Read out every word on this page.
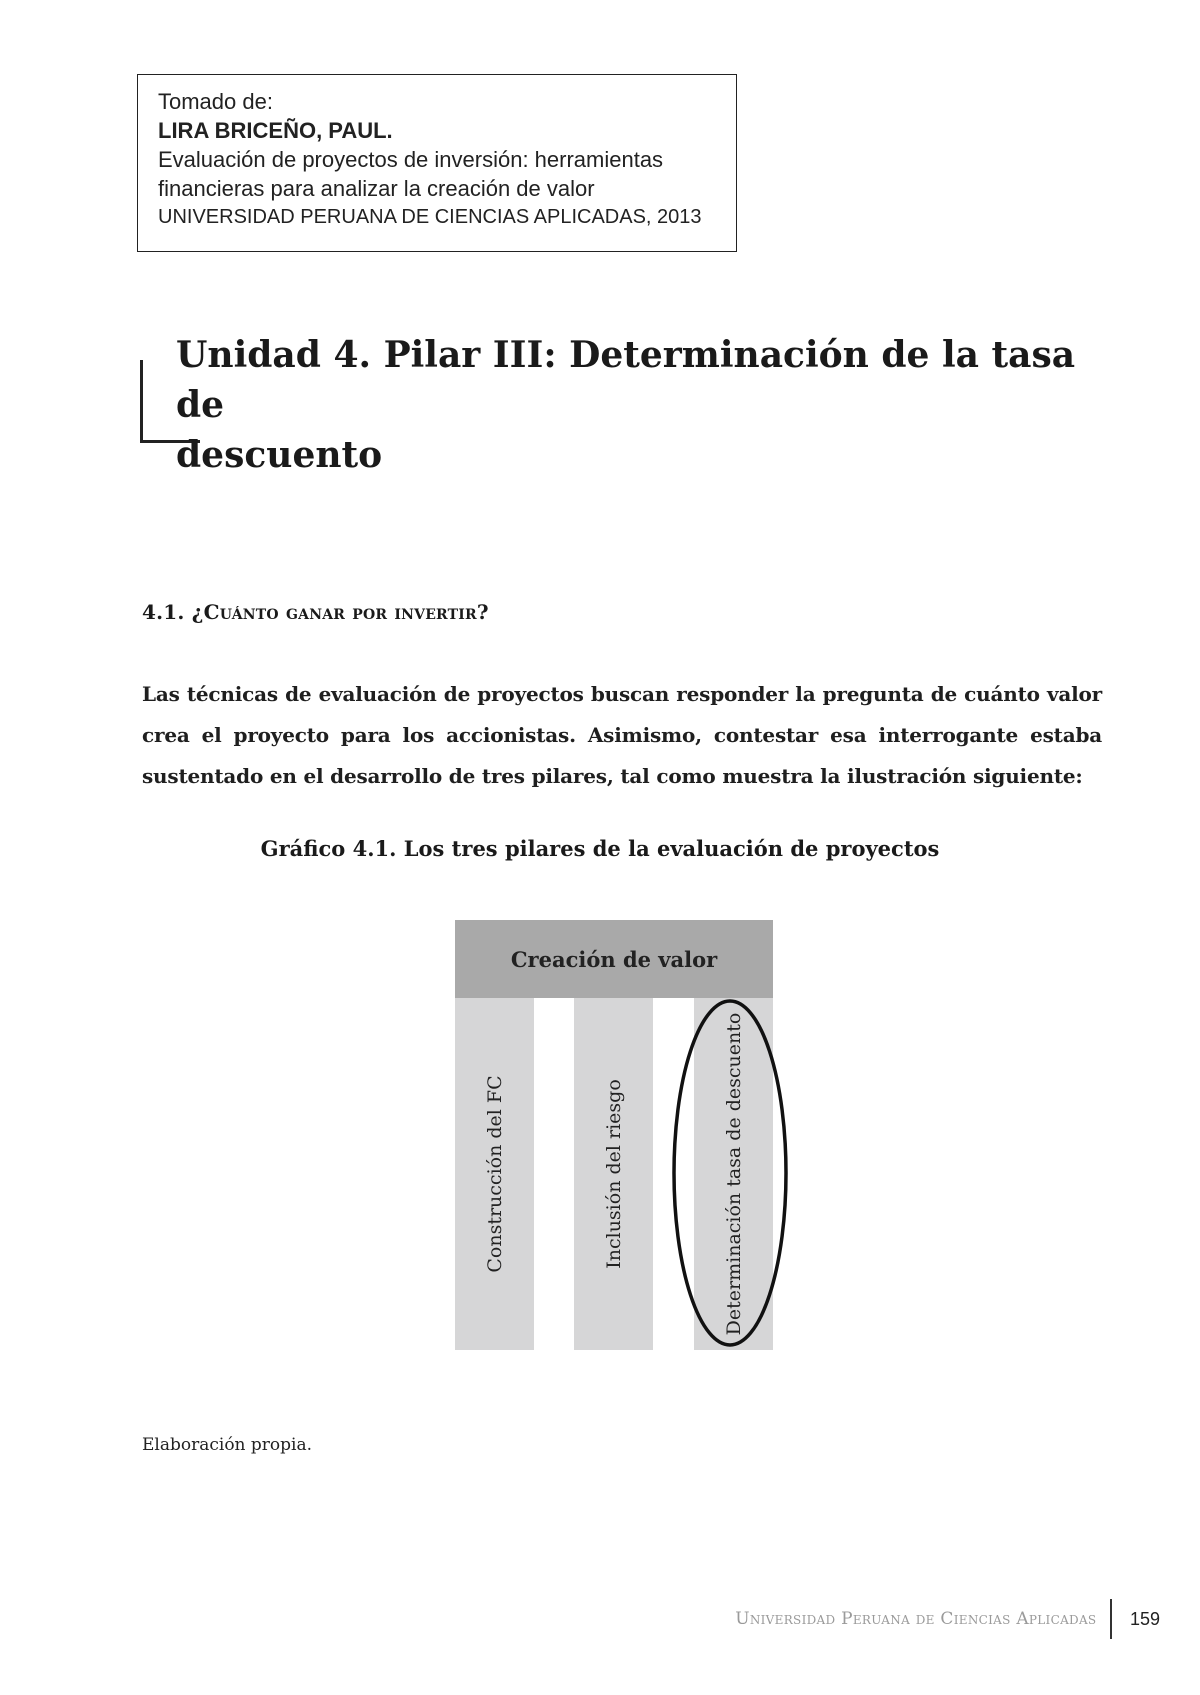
Tomado de:
LIRA BRICEÑO, PAUL.
Evaluación de proyectos de inversión: herramientas
financieras para analizar la creación de valor
UNIVERSIDAD PERUANA DE CIENCIAS APLICADAS, 2013
Unidad 4. Pilar III: Determinación de la tasa de
descuento
4.1. ¿Cuánto ganar por invertir?

Las técnicas de evaluación de proyectos buscan responder la pregunta de cuánto valor crea el proyecto para los accionistas. Asimismo, contestar esa interrogante estaba sustentado en el desarrollo de tres pilares, tal como muestra la ilustración siguiente:

Gráfico 4.1. Los tres pilares de la evaluación de proyectos

Creación de valor
Construcción del FC	Inclusión del riesgo	Determinación tasa de descuento

Elaboración propia.

Universidad Peruana de Ciencias Aplicadas 159
